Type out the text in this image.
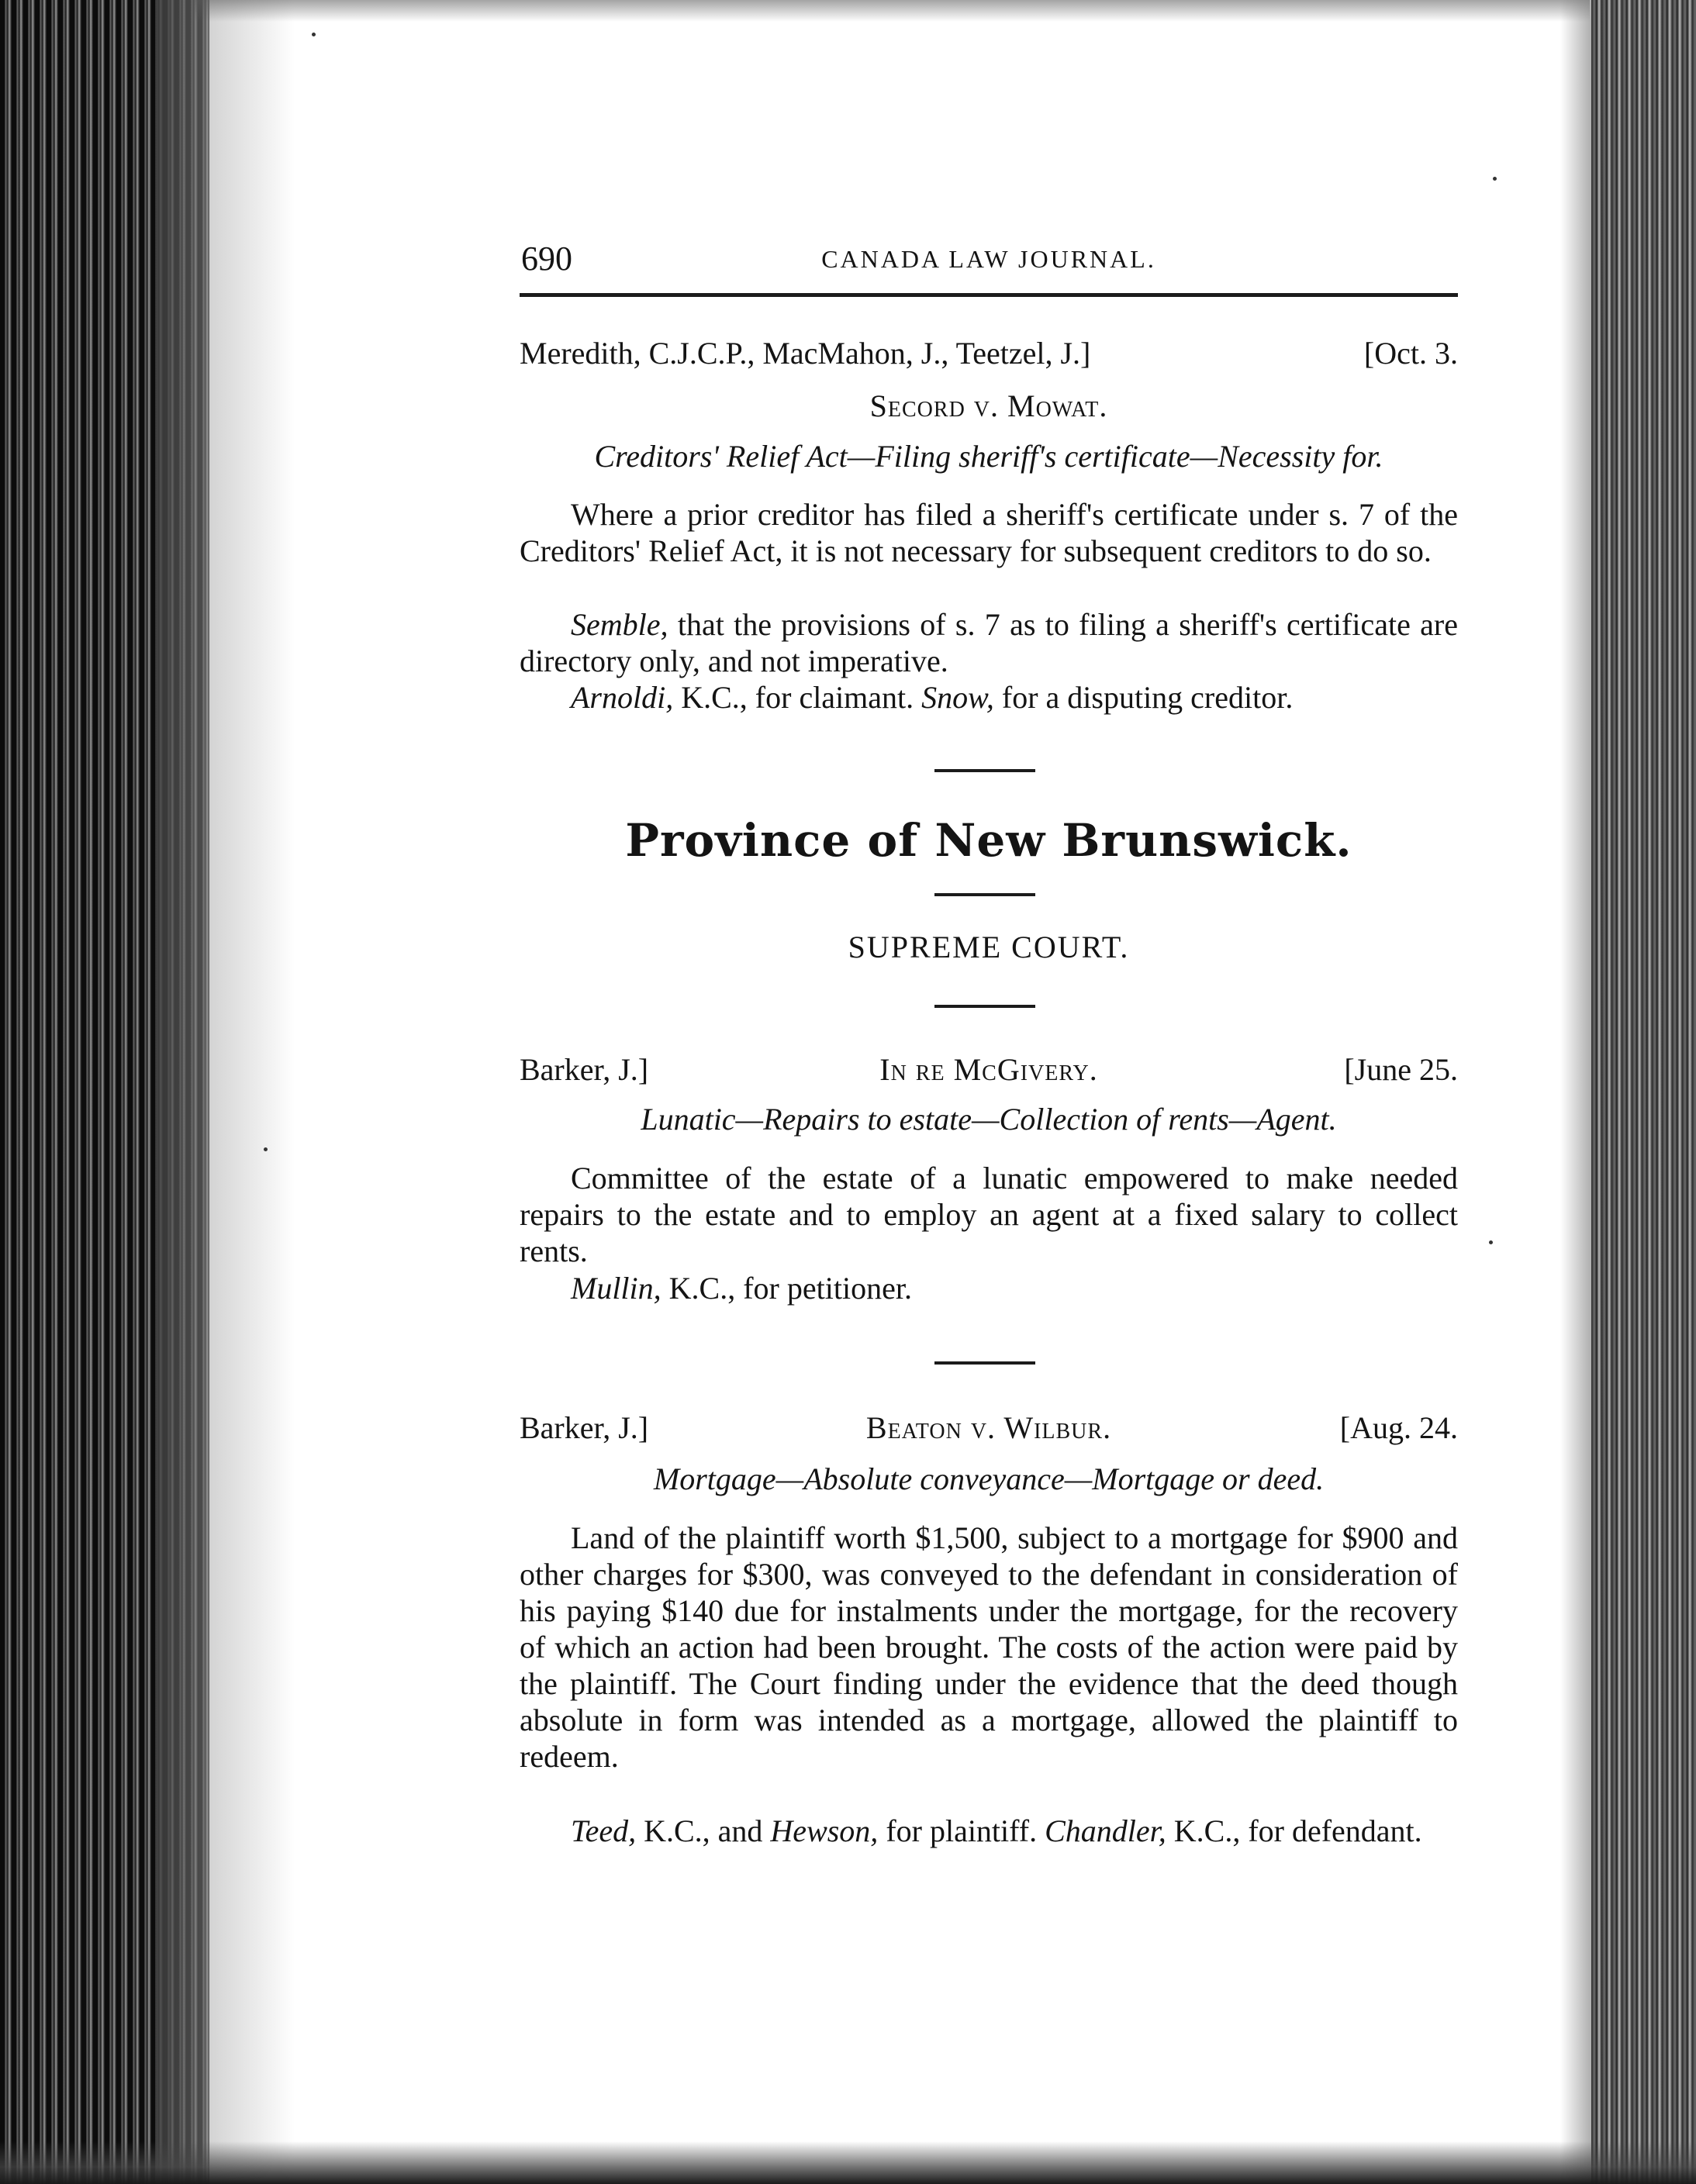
690	CANADA LAW JOURNAL.
Meredith, C.J.C.P., MacMahon, J., Teetzel, J.]	[Oct. 3.
Secord v. Mowat.
Creditors' Relief Act—Filing sheriff's certificate—Necessity for.
Where a prior creditor has filed a sheriff's certificate under s. 7 of the Creditors' Relief Act, it is not necessary for subsequent creditors to do so.
Semble, that the provisions of s. 7 as to filing a sheriff's certificate are directory only, and not imperative.
Arnoldi, K.C., for claimant. Snow, for a disputing creditor.
Province of New Brunswick.
SUPREME COURT.
Barker, J.]	In re McGivery.	[June 25.
Lunatic—Repairs to estate—Collection of rents—Agent.
Committee of the estate of a lunatic empowered to make needed repairs to the estate and to employ an agent at a fixed salary to collect rents.
Mullin, K.C., for petitioner.
Barker, J.]	Beaton v. Wilbur.	[Aug. 24.
Mortgage—Absolute conveyance—Mortgage or deed.
Land of the plaintiff worth $1,500, subject to a mortgage for $900 and other charges for $300, was conveyed to the defendant in consideration of his paying $140 due for instalments under the mortgage, for the recovery of which an action had been brought. The costs of the action were paid by the plaintiff. The Court finding under the evidence that the deed though absolute in form was intended as a mortgage, allowed the plaintiff to redeem.
Teed, K.C., and Hewson, for plaintiff. Chandler, K.C., for defendant.
